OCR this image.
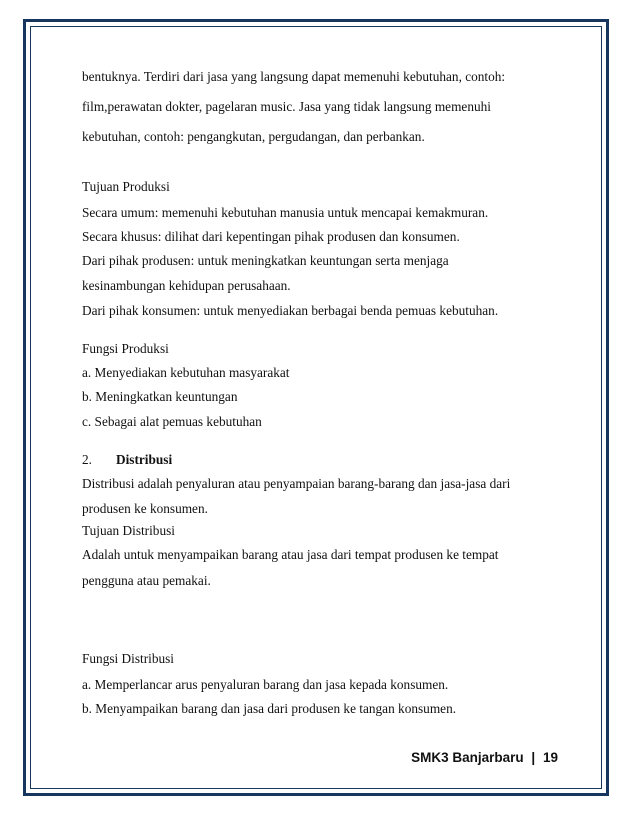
bentuknya. Terdiri dari jasa yang langsung dapat memenuhi kebutuhan, contoh:
film,perawatan dokter, pagelaran music. Jasa yang tidak langsung memenuhi
kebutuhan, contoh: pengangkutan, pergudangan, dan perbankan.
Tujuan Produksi
Secara umum: memenuhi kebutuhan manusia untuk mencapai kemakmuran.
Secara khusus: dilihat dari kepentingan pihak produsen dan konsumen.
Dari pihak produsen: untuk meningkatkan keuntungan serta menjaga
kesinambungan kehidupan perusahaan.
Dari pihak konsumen: untuk menyediakan berbagai benda pemuas kebutuhan.
Fungsi Produksi
a. Menyediakan kebutuhan masyarakat
b. Meningkatkan keuntungan
c. Sebagai alat pemuas kebutuhan
2. Distribusi
Distribusi adalah penyaluran atau penyampaian barang-barang dan jasa-jasa dari
produsen ke konsumen.
Tujuan Distribusi
Adalah untuk menyampaikan barang atau jasa dari tempat produsen ke tempat
pengguna atau pemakai.
Fungsi Distribusi
a. Memperlancar arus penyaluran barang dan jasa kepada konsumen.
b. Menyampaikan barang dan jasa dari produsen ke tangan konsumen.
SMK3 Banjarbaru | 19
